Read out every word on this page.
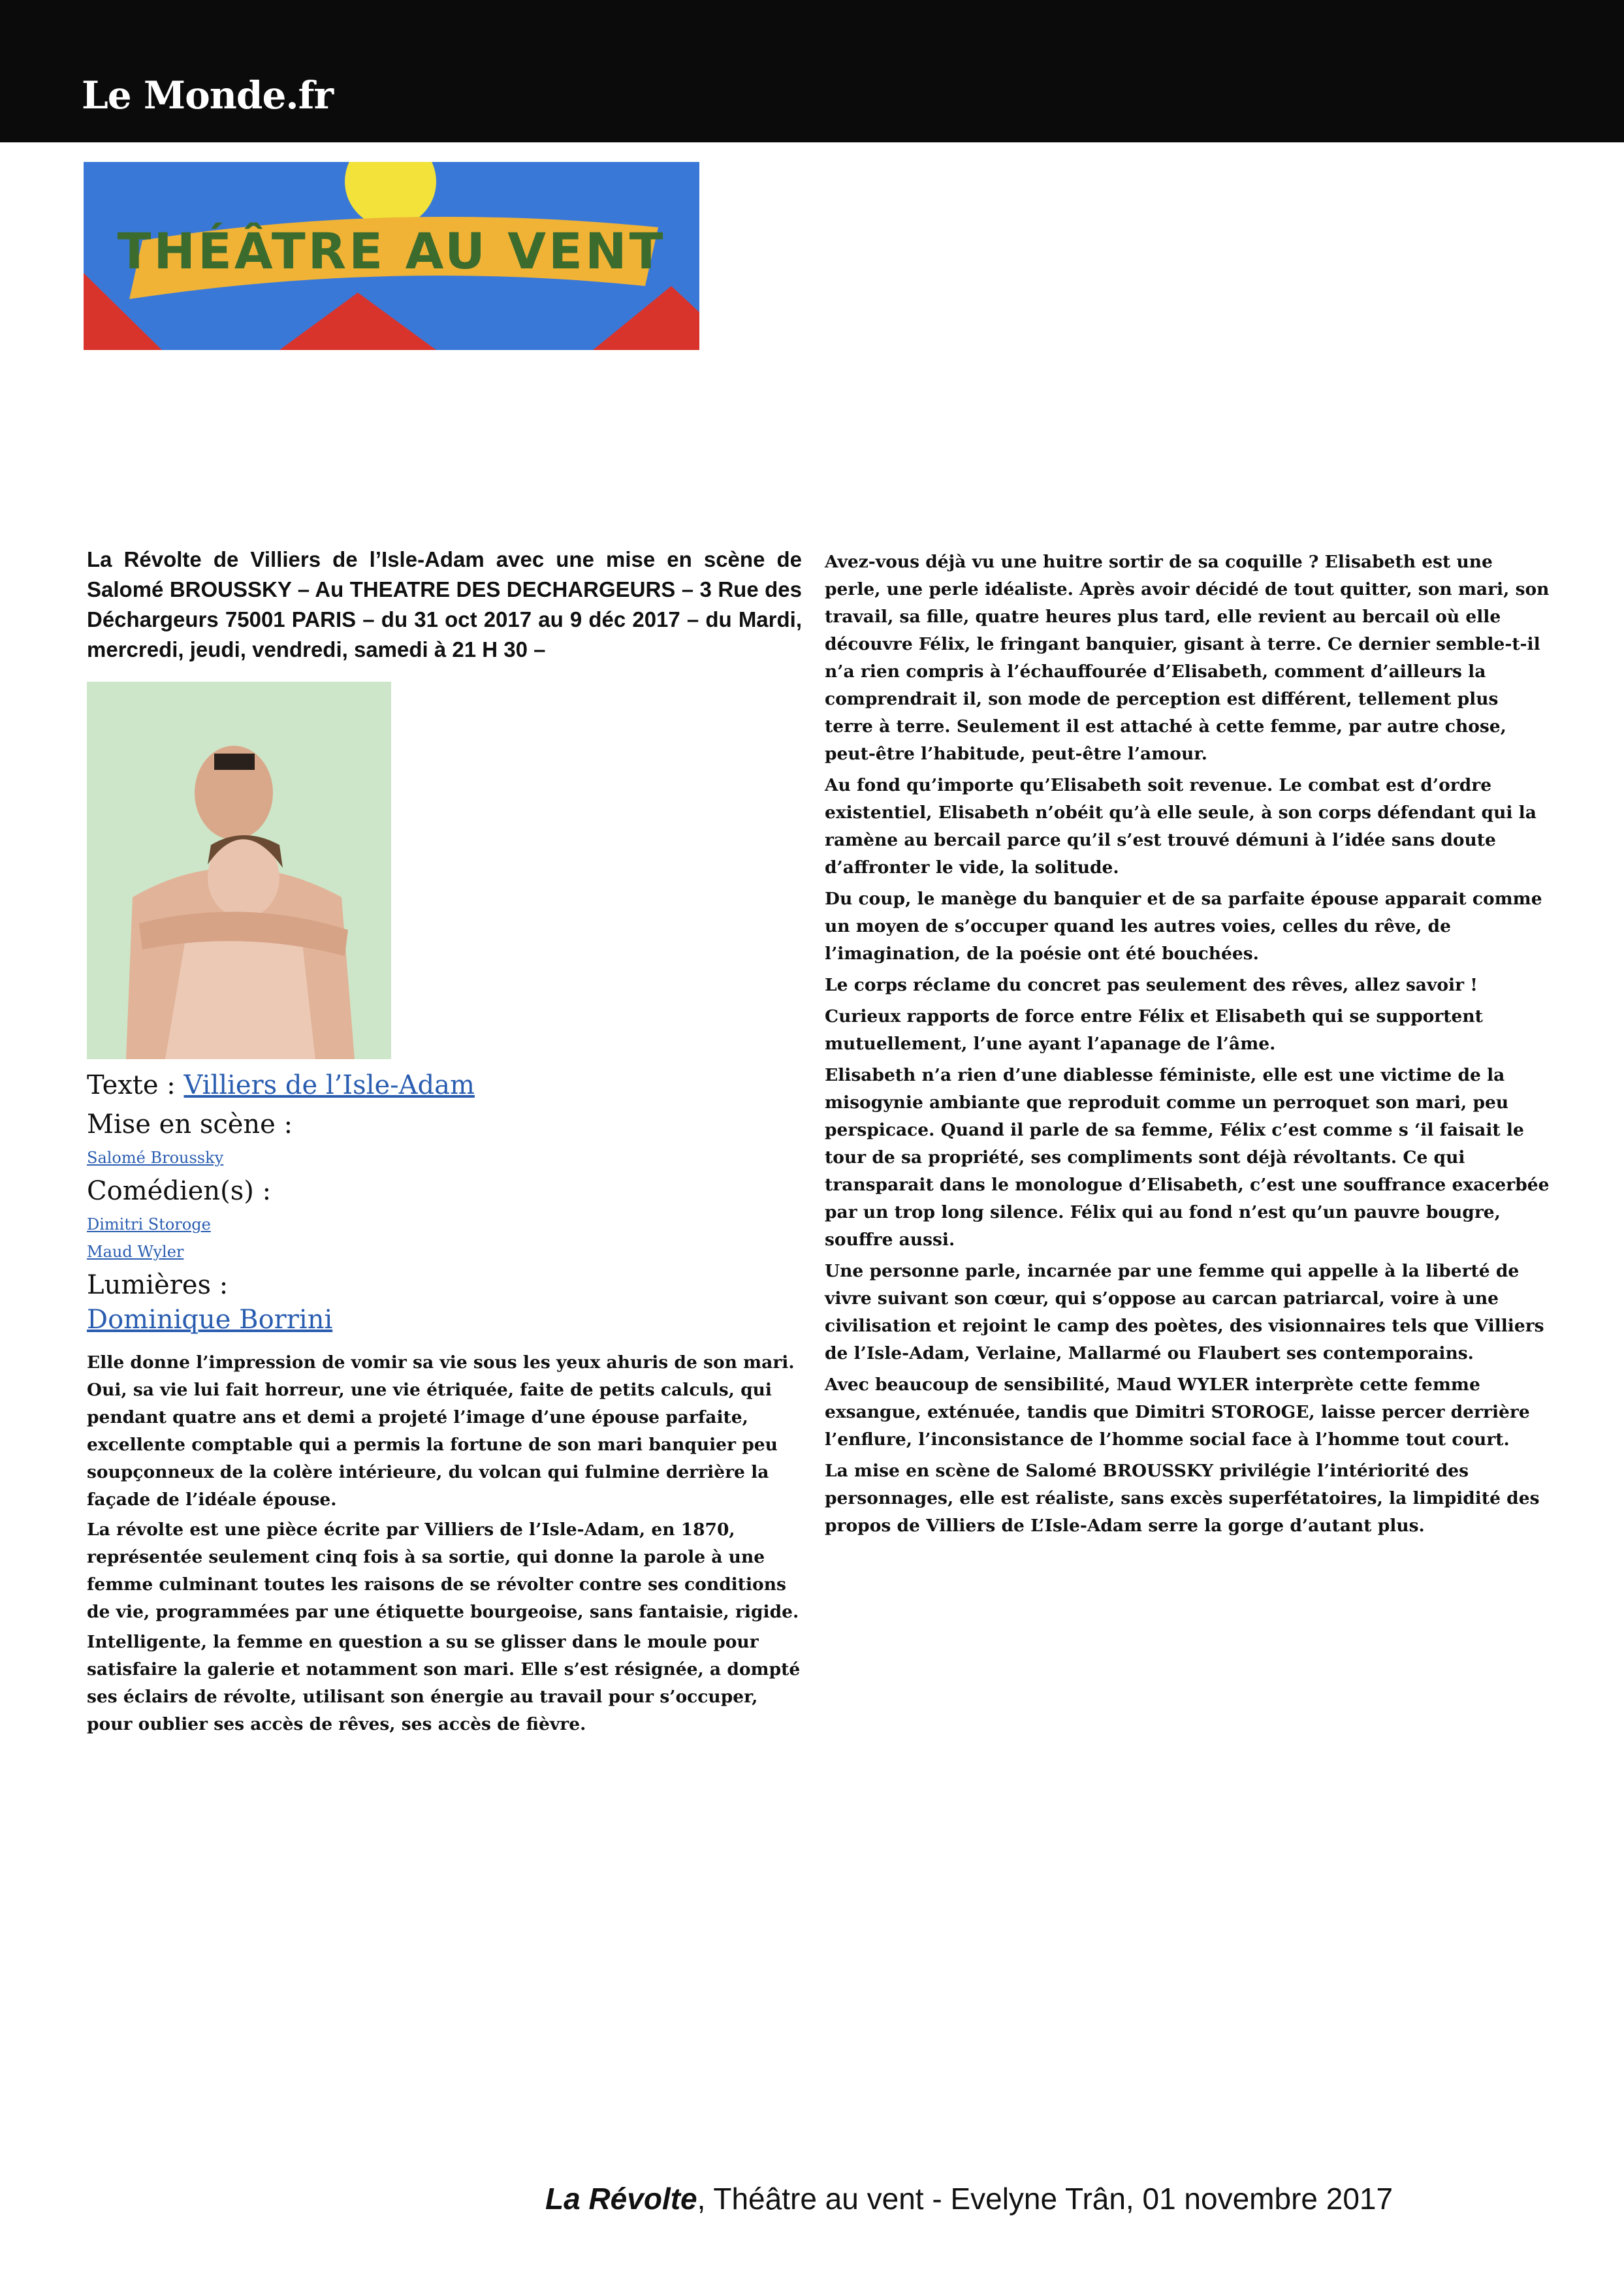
Le Monde.fr
THÉÂTRE AU VENT

La Révolte de Villiers de l’Isle-Adam avec une mise en scène de Salomé BROUSSKY – Au THEATRE DES DECHARGEURS – 3 Rue des Déchargeurs 75001 PARIS – du 31 oct 2017 au 9 déc 2017 – du Mardi, mercredi, jeudi, vendredi, samedi à 21 H 30 –

Texte : Villiers de l’Isle-Adam
Mise en scène :
Salomé Broussky
Comédien(s) :
Dimitri Storoge
Maud Wyler
Lumières :
Dominique Borrini

Elle donne l’impression de vomir sa vie sous les yeux ahuris de son mari. Oui, sa vie lui fait horreur, une vie étriquée, faite de petits calculs, qui pendant quatre ans et demi a projeté l’image d’une épouse parfaite, excellente comptable qui a permis la fortune de son mari banquier peu soupçonneux de la colère intérieure, du volcan qui fulmine derrière la façade de l’idéale épouse.

La révolte est une pièce écrite par Villiers de l’Isle-Adam, en 1870, représentée seulement cinq fois à sa sortie, qui donne la parole à une femme culminant toutes les raisons de se révolter contre ses conditions de vie, programmées par une étiquette bourgeoise, sans fantaisie, rigide.

Intelligente, la femme en question a su se glisser dans le moule pour satisfaire la galerie et notamment son mari. Elle s’est résignée, a dompté ses éclairs de révolte, utilisant son énergie au travail pour s’occuper, pour oublier ses accès de rêves, ses accès de fièvre.

Avez-vous déjà vu une huitre sortir de sa coquille ? Elisabeth est une perle, une perle idéaliste. Après avoir décidé de tout quitter, son mari, son travail, sa fille, quatre heures plus tard, elle revient au bercail où elle découvre Félix, le fringant banquier, gisant à terre. Ce dernier semble-t-il n’a rien compris à l’échauffourée d’Elisabeth, comment d’ailleurs la comprendrait il, son mode de perception est différent, tellement plus terre à terre. Seulement il est attaché à cette femme, par autre chose, peut-être l’habitude, peut-être l’amour.

Au fond qu’importe qu’Elisabeth soit revenue. Le combat est d’ordre existentiel, Elisabeth n’obéit qu’à elle seule, à son corps défendant qui la ramène au bercail parce qu’il s’est trouvé démuni à l’idée sans doute d’affronter le vide, la solitude.

Du coup, le manège du banquier et de sa parfaite épouse apparait comme un moyen de s’occuper quand les autres voies, celles du rêve, de l’imagination, de la poésie ont été bouchées.

Le corps réclame du concret pas seulement des rêves, allez savoir !

Curieux rapports de force entre Félix et Elisabeth qui se supportent mutuellement, l’une ayant l’apanage de l’âme.

Elisabeth n’a rien d’une diablesse féministe, elle est une victime de la misogynie ambiante que reproduit comme un perroquet son mari, peu perspicace. Quand il parle de sa femme, Félix c’est comme s ‘il faisait le tour de sa propriété, ses compliments sont déjà révoltants. Ce qui transparait dans le monologue d’Elisabeth, c’est une souffrance exacerbée par un trop long silence. Félix qui au fond n’est qu’un pauvre bougre, souffre aussi.

Une personne parle, incarnée par une femme qui appelle à la liberté de vivre suivant son cœur, qui s’oppose au carcan patriarcal, voire à une civilisation et rejoint le camp des poètes, des visionnaires tels que Villiers de l’Isle-Adam, Verlaine, Mallarmé ou Flaubert ses contemporains.

Avec beaucoup de sensibilité, Maud WYLER interprète cette femme exsangue, exténuée, tandis que Dimitri STOROGE, laisse percer derrière l’enflure, l’inconsistance de l’homme social face à l’homme tout court.

La mise en scène de Salomé BROUSSKY privilégie l’intériorité des personnages, elle est réaliste, sans excès superfétatoires, la limpidité des propos de Villiers de L’Isle-Adam serre la gorge d’autant plus.

La Révolte, Théâtre au vent - Evelyne Trân, 01 novembre 2017
